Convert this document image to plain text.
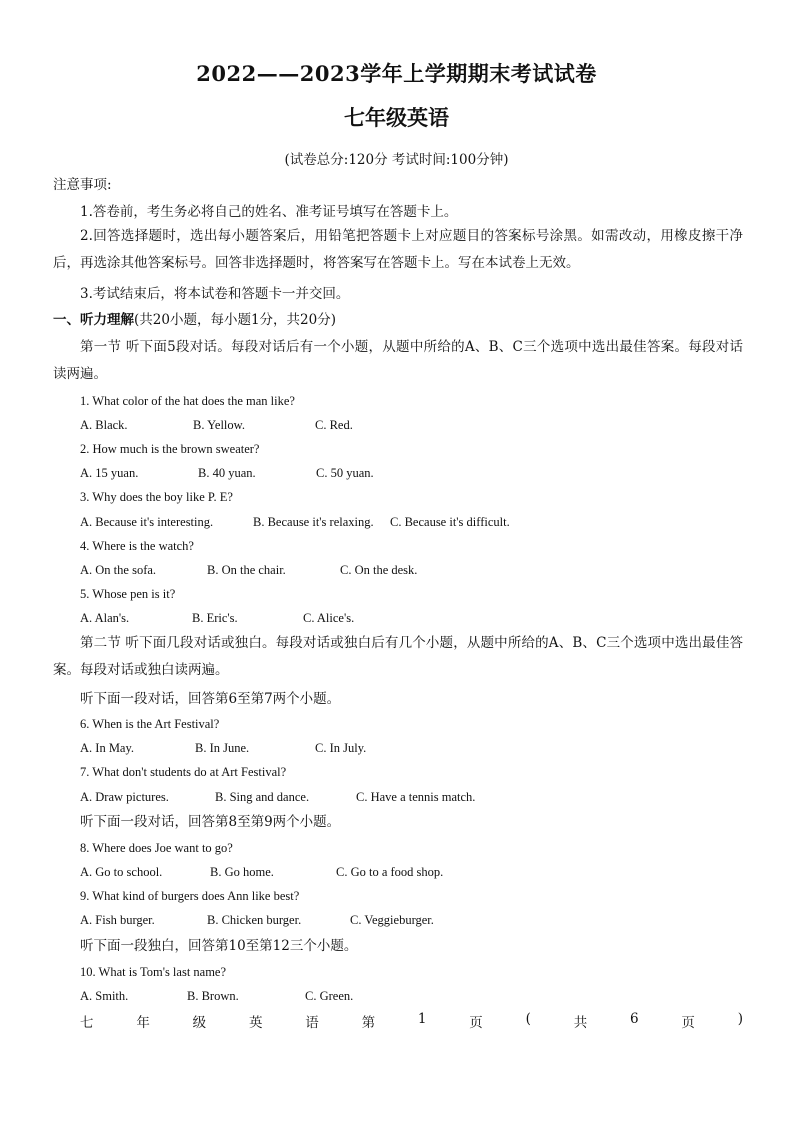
2022——2023学年上学期期末考试试卷
七年级英语
(试卷总分:120分 考试时间:100分钟)
注意事项:
1.答卷前，考生务必将自己的姓名、准考证号填写在答题卡上。
2.回答选择题时，选出每小题答案后，用铅笔把答题卡上对应题目的答案标号涂黑。如需改动，用橡皮擦干净后，再选涂其他答案标号。回答非选择题时，将答案写在答题卡上。写在本试卷上无效。
3.考试结束后，将本试卷和答题卡一并交回。
一、听力理解(共20小题，每小题1分，共20分)
第一节 听下面5段对话。每段对话后有一个小题，从题中所给的A、B、C三个选项中选出最佳答案。每段对话读两遍。
1. What color of the hat does the man like?
A. Black.	B. Yellow.	C. Red.
2. How much is the brown sweater?
A. 15 yuan.	B. 40 yuan.	C. 50 yuan.
3. Why does the boy like P. E?
A. Because it's interesting.	B. Because it's relaxing. C. Because it's difficult.
4. Where is the watch?
A. On the sofa.	B. On the chair.	C. On the desk.
5. Whose pen is it?
A. Alan's.	B. Eric's.	C. Alice's.
第二节 听下面几段对话或独白。每段对话或独白后有几个小题，从题中所给的A、B、C三个选项中选出最佳答案。每段对话或独白读两遍。
听下面一段对话，回答第6至第7两个小题。
6. When is the Art Festival?
A. In May.	B. In June.	C. In July.
7. What don't students do at Art Festival?
A. Draw pictures.	B. Sing and dance.	C. Have a tennis match.
听下面一段对话，回答第8至第9两个小题。
8. Where does Joe want to go?
A. Go to school.	B. Go home.	C. Go to a food shop.
9. What kind of burgers does Ann like best?
A. Fish burger.	B. Chicken burger.	C. Veggieburger.
听下面一段独白，回答第10至第12三个小题。
10. What is Tom's last name?
A. Smith.	B. Brown.	C. Green.
七	年	级	英	语	第	1	页	(	共	6	页	)
